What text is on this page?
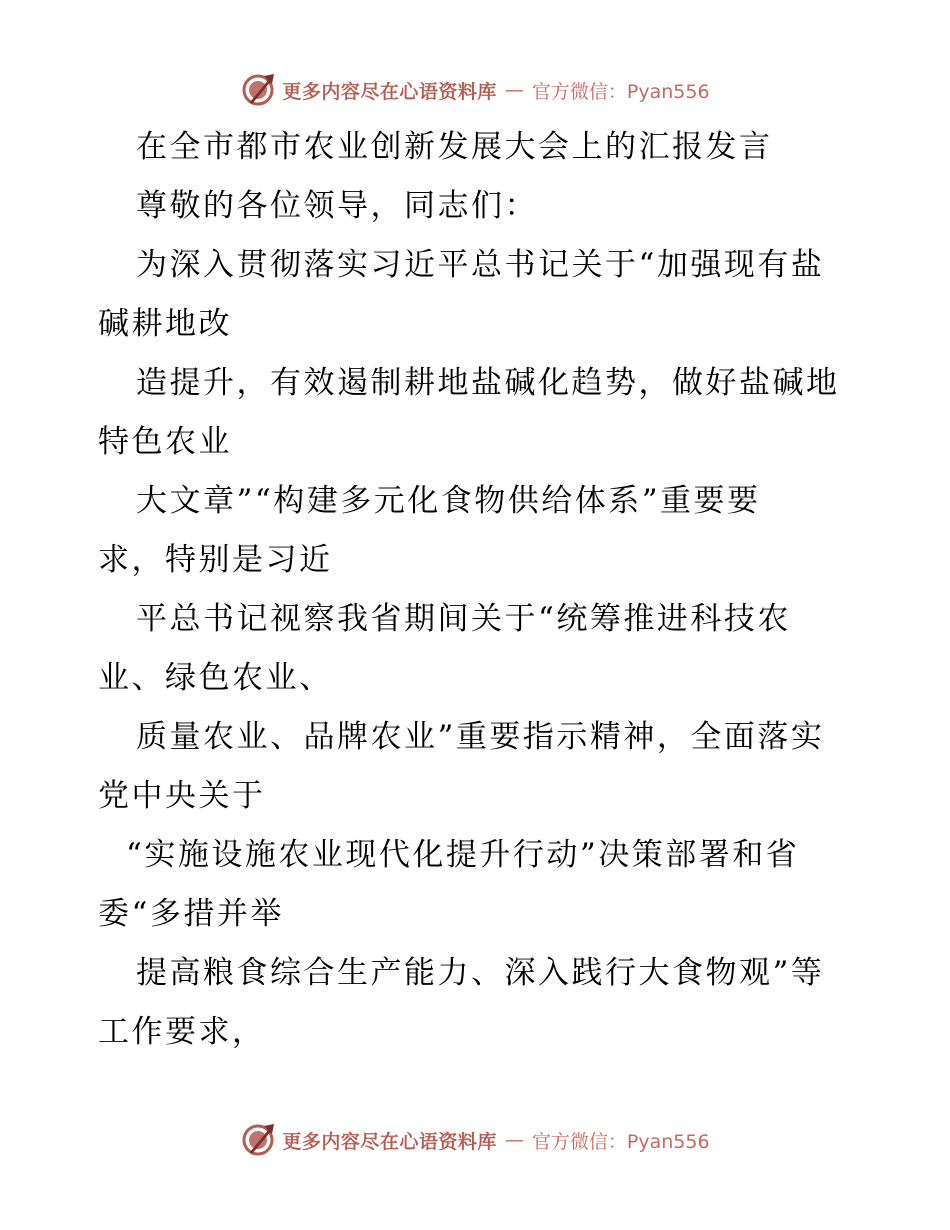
更多内容尽在心语资料库 — 官方微信：Pyan556
在全市都市农业创新发展大会上的汇报发言
尊敬的各位领导，同志们：
为深入贯彻落实习近平总书记关于“加强现有盐
碱耕地改
造提升，有效遏制耕地盐碱化趋势，做好盐碱地
特色农业
大文章”“构建多元化食物供给体系”重要要
求，特别是习近
平总书记视察我省期间关于“统筹推进科技农
业、绿色农业、
质量农业、品牌农业”重要指示精神，全面落实
党中央关于
“实施设施农业现代化提升行动”决策部署和省
委“多措并举
提高粮食综合生产能力、深入践行大食物观”等
工作要求，
更多内容尽在心语资料库 — 官方微信：Pyan556
